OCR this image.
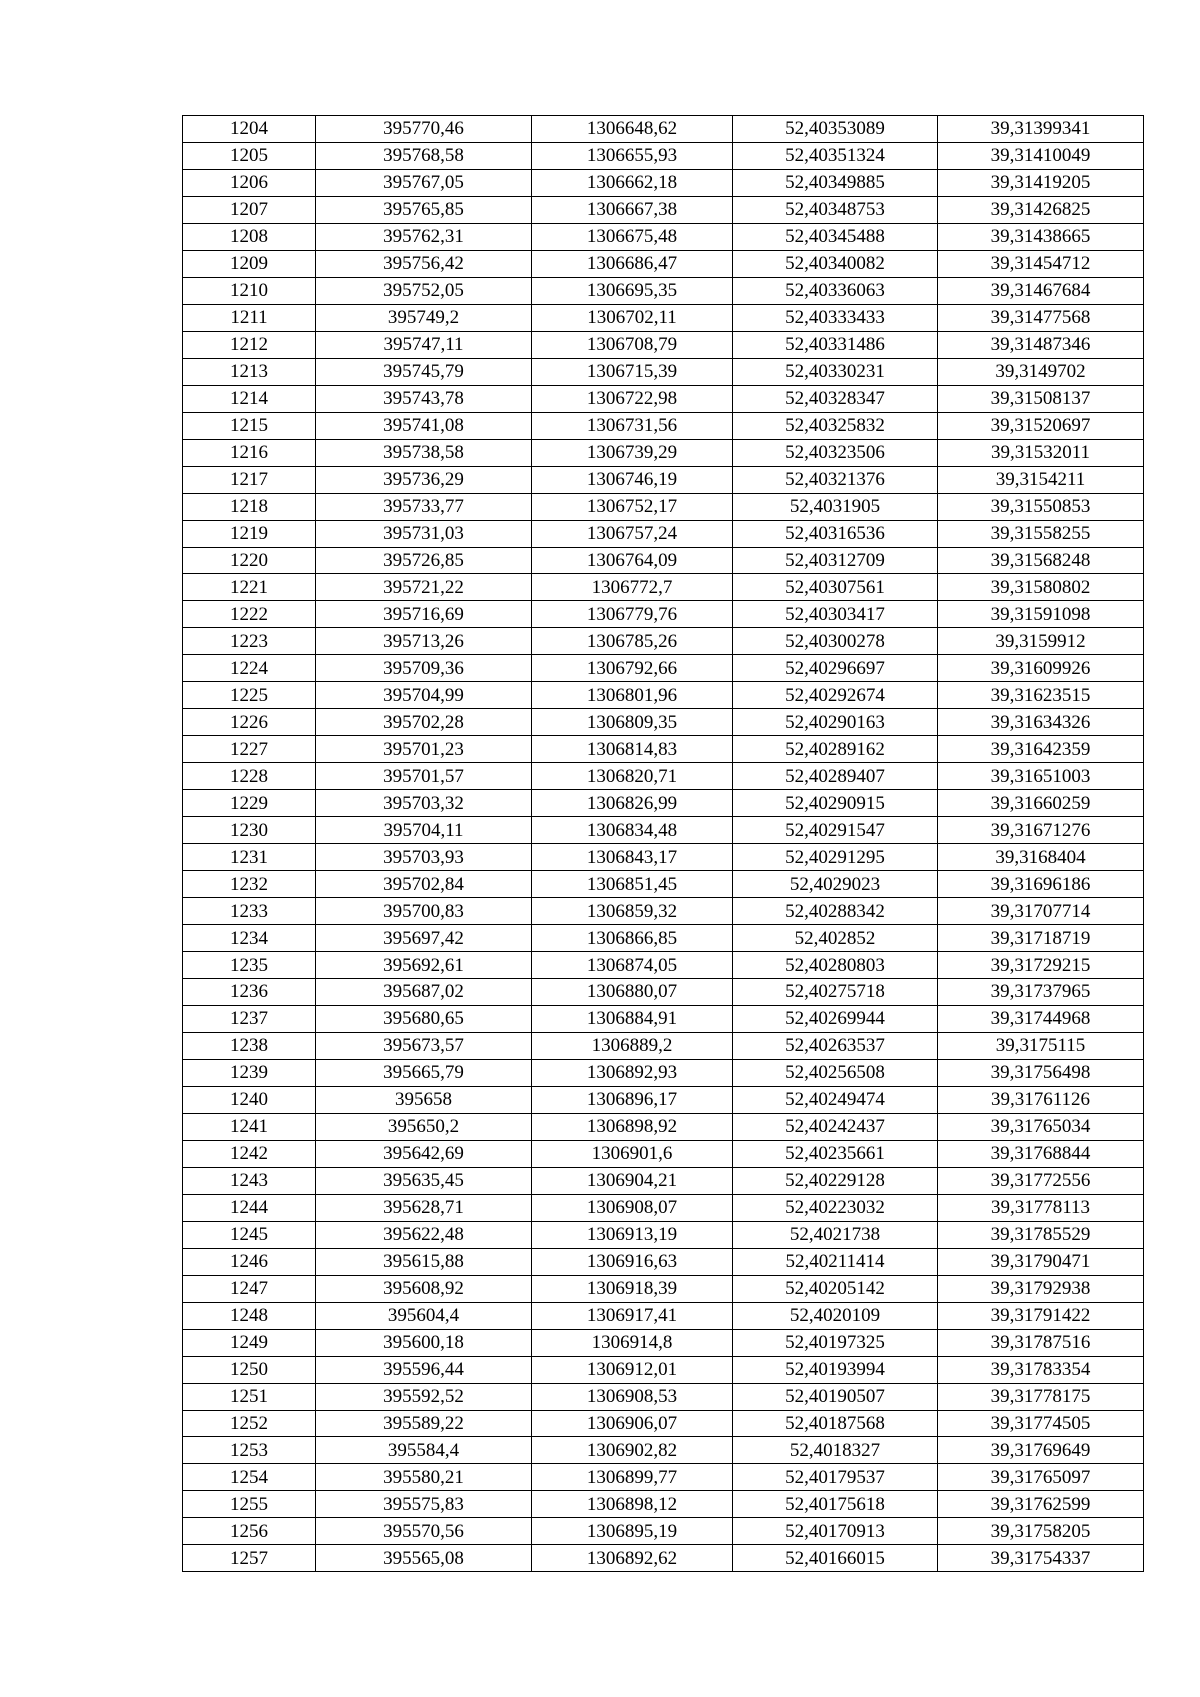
1204	395770,46	1306648,62	52,40353089	39,31399341
1205	395768,58	1306655,93	52,40351324	39,31410049
1206	395767,05	1306662,18	52,40349885	39,31419205
1207	395765,85	1306667,38	52,40348753	39,31426825
1208	395762,31	1306675,48	52,40345488	39,31438665
1209	395756,42	1306686,47	52,40340082	39,31454712
1210	395752,05	1306695,35	52,40336063	39,31467684
1211	395749,2	1306702,11	52,40333433	39,31477568
1212	395747,11	1306708,79	52,40331486	39,31487346
1213	395745,79	1306715,39	52,40330231	39,3149702
1214	395743,78	1306722,98	52,40328347	39,31508137
1215	395741,08	1306731,56	52,40325832	39,31520697
1216	395738,58	1306739,29	52,40323506	39,31532011
1217	395736,29	1306746,19	52,40321376	39,3154211
1218	395733,77	1306752,17	52,4031905	39,31550853
1219	395731,03	1306757,24	52,40316536	39,31558255
1220	395726,85	1306764,09	52,40312709	39,31568248
1221	395721,22	1306772,7	52,40307561	39,31580802
1222	395716,69	1306779,76	52,40303417	39,31591098
1223	395713,26	1306785,26	52,40300278	39,3159912
1224	395709,36	1306792,66	52,40296697	39,31609926
1225	395704,99	1306801,96	52,40292674	39,31623515
1226	395702,28	1306809,35	52,40290163	39,31634326
1227	395701,23	1306814,83	52,40289162	39,31642359
1228	395701,57	1306820,71	52,40289407	39,31651003
1229	395703,32	1306826,99	52,40290915	39,31660259
1230	395704,11	1306834,48	52,40291547	39,31671276
1231	395703,93	1306843,17	52,40291295	39,3168404
1232	395702,84	1306851,45	52,4029023	39,31696186
1233	395700,83	1306859,32	52,40288342	39,31707714
1234	395697,42	1306866,85	52,402852	39,31718719
1235	395692,61	1306874,05	52,40280803	39,31729215
1236	395687,02	1306880,07	52,40275718	39,31737965
1237	395680,65	1306884,91	52,40269944	39,31744968
1238	395673,57	1306889,2	52,40263537	39,3175115
1239	395665,79	1306892,93	52,40256508	39,31756498
1240	395658	1306896,17	52,40249474	39,31761126
1241	395650,2	1306898,92	52,40242437	39,31765034
1242	395642,69	1306901,6	52,40235661	39,31768844
1243	395635,45	1306904,21	52,40229128	39,31772556
1244	395628,71	1306908,07	52,40223032	39,31778113
1245	395622,48	1306913,19	52,4021738	39,31785529
1246	395615,88	1306916,63	52,40211414	39,31790471
1247	395608,92	1306918,39	52,40205142	39,31792938
1248	395604,4	1306917,41	52,4020109	39,31791422
1249	395600,18	1306914,8	52,40197325	39,31787516
1250	395596,44	1306912,01	52,40193994	39,31783354
1251	395592,52	1306908,53	52,40190507	39,31778175
1252	395589,22	1306906,07	52,40187568	39,31774505
1253	395584,4	1306902,82	52,4018327	39,31769649
1254	395580,21	1306899,77	52,40179537	39,31765097
1255	395575,83	1306898,12	52,40175618	39,31762599
1256	395570,56	1306895,19	52,40170913	39,31758205
1257	395565,08	1306892,62	52,40166015	39,31754337
